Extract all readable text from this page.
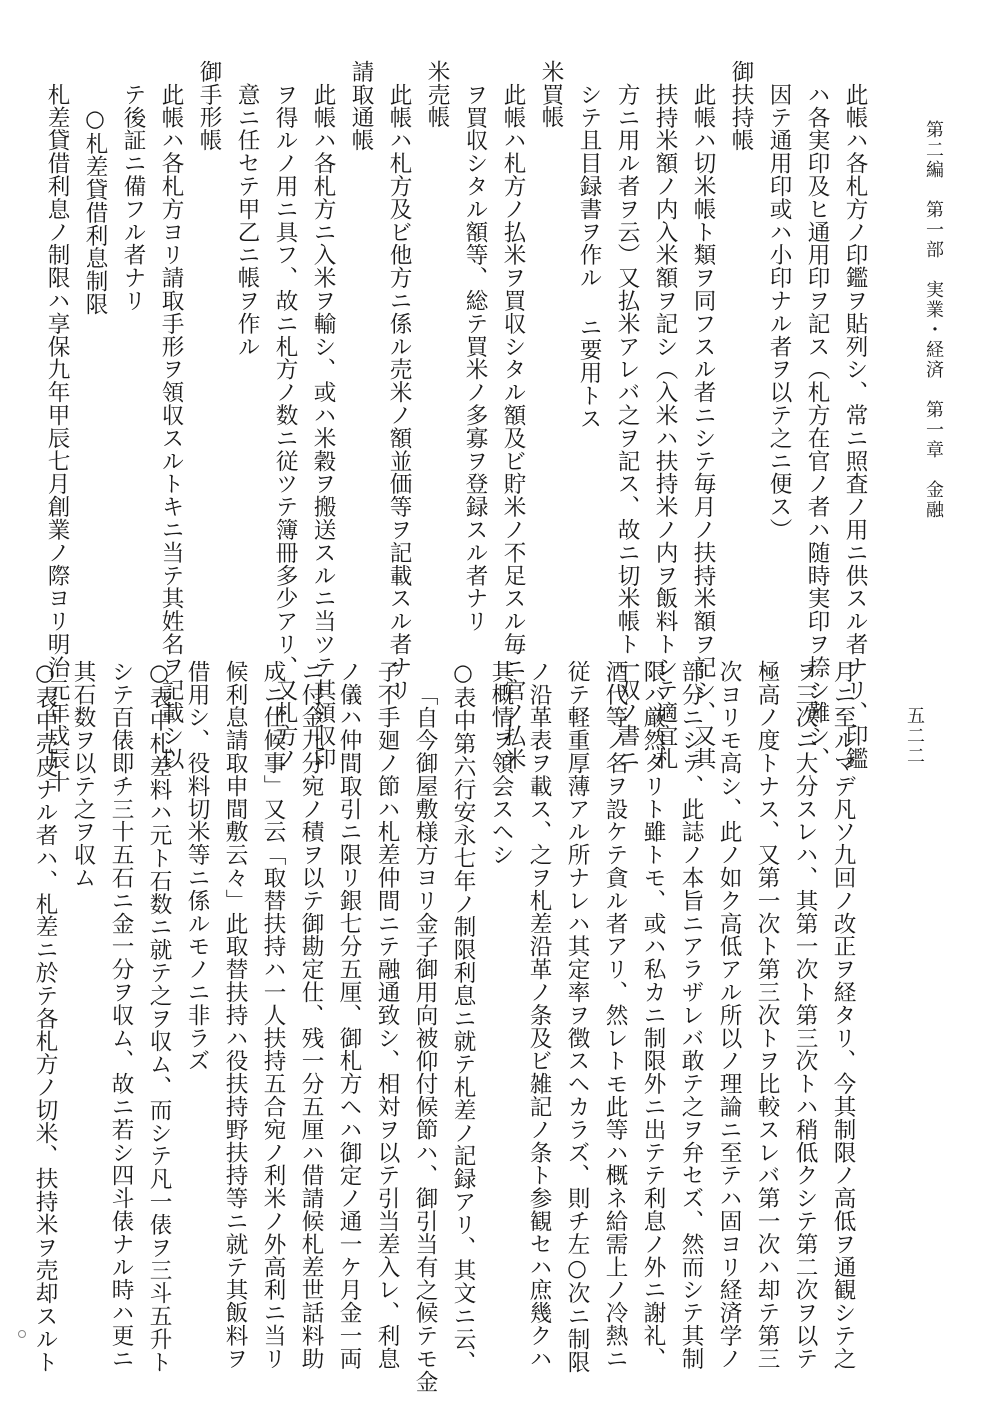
第二編　第一部　実業・経済　第一章　金融
五二二
此帳ハ各札方ノ印鑑ヲ貼列シ、常ニ照査ノ用ニ供スル者ナリ、印鑑
ハ各実印及ヒ通用印ヲ記ス（札方在官ノ者ハ随時実印ヲ捺シ難シ、
因テ通用印或ハ小印ナル者ヲ以テ之ニ便ス）
御扶持帳
此帳ハ切米帳ト類ヲ同フスル者ニシテ毎月ノ扶持米額ヲ記シ、又其
扶持米額ノ内入米額ヲ記シ（入米ハ扶持米ノ内ヲ飯料トシテ適宜札
方ニ用ル者ヲ云）又払米アレバ之ヲ記ス、故ニ切米帳ト一双ノ書ニ
シテ且目録書ヲ作ル ニ要用トス
米買帳
此帳ハ札方ノ払米ヲ買収シタル額及ビ貯米ノ不足スル毎ニ官ノ払米
ヲ買収シタル額等、総テ買米ノ多寡ヲ登録スル者ナリ
米売帳
此帳ハ札方及ビ他方ニ係ル売米ノ額並価等ヲ記載スル者ナリ
請取通帳
此帳ハ各札方ニ入米ヲ輸シ、或ハ米穀ヲ搬送スルニ当ツテ其領収印
ヲ得ルノ用ニ具フ、故ニ札方ノ数ニ従ツテ簿冊多少アリ、又札方ノ
意ニ任セテ甲乙ニ帳ヲ作ル
御手形帳
此帳ハ各札方ヨリ請取手形ヲ領収スルトキニ当テ其姓名ヲ記載シ以
テ後証ニ備フル者ナリ
○札差貸借利息制限
札差貸借利息ノ制限ハ享保九年甲辰七月創業ノ際ヨリ明治元年戊辰十
月ニ至ルマデ凡ソ九回ノ改正ヲ経タリ、今其制限ノ高低ヲ通観シテ之
ヲ三次ニ大分スレハ、其第一次ト第三次トハ稍低クシテ第二次ヲ以テ
極高ノ度トナス、又第一次ト第三次トヲ比較スレバ第一次ハ却テ第三
次ヨリモ高シ、此ノ如ク高低アル所以ノ理論ニ至テハ固ヨリ経済学ノ
部分ニシテ、此誌ノ本旨ニアラザレバ敢テ之ヲ弁セズ、然而シテ其制
限ハ厳然タリト雖トモ、或ハ私カニ制限外ニ出テテ利息ノ外ニ謝礼、
酒代等ノ名ヲ設ケテ貪ル者アリ、然レトモ此等ハ概ネ給需上ノ冷熱ニ
従テ軽重厚薄アル所ナレハ其定率ヲ徴スヘカラズ、則チ左○次ニ制限
ノ沿革表ヲ載ス、之ヲ札差沿革ノ条及ビ雑記ノ条ト参観セハ庶幾クハ
其概情ヲ領会スヘシ
○表中第六行安永七年ノ制限利息ニ就テ札差ノ記録アリ、其文ニ云、
「自今御屋敷様方ヨリ金子御用向被仰付候節ハ、御引当有之候テモ金
子不手廻ノ節ハ札差仲間ニテ融通致シ、相対ヲ以テ引当差入レ、利息
ノ儀ハ仲間取引ニ限リ銀七分五厘、御札方ヘハ御定ノ通一ケ月金一両
ニ付金九分宛ノ積ヲ以テ御勘定仕、残一分五厘ハ借請候札差世話料助
成ニ仕候事」又云「取替扶持ハ一人扶持五合宛ノ利米ノ外高利ニ当リ
候利息請取申間敷云々」此取替扶持ハ役扶持野扶持等ニ就テ其飯料ヲ
借用シ、役料切米等ニ係ルモノニ非ラズ
○表中札差料ハ元ト石数ニ就テ之ヲ収ム、而シテ凡一俵ヲ三斗五升ト
シテ百俵即チ三十五石ニ金一分ヲ収ム、故ニ若シ四斗俵ナル時ハ更ニ
其石数ヲ以テ之ヲ収ム
○表中売皮ナル者ハ、札差ニ於テ各札方ノ切米、扶持米ヲ売却スルト
